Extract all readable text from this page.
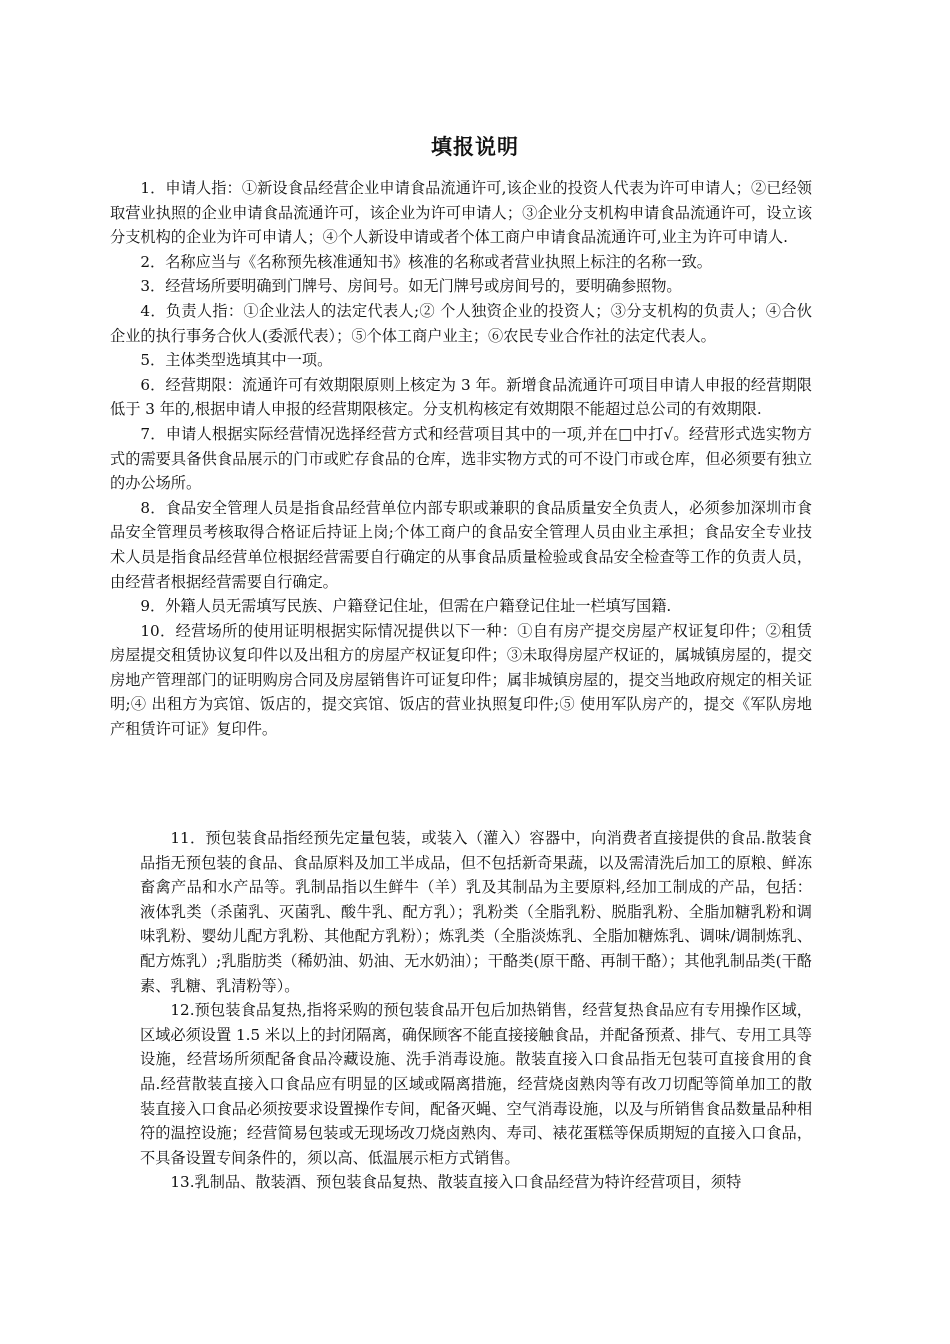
填报说明

1．申请人指：①新设食品经营企业申请食品流通许可,该企业的投资人代表为许可申请人；②已经领取营业执照的企业申请食品流通许可，该企业为许可申请人；③企业分支机构申请食品流通许可，设立该分支机构的企业为许可申请人；④个人新设申请或者个体工商户申请食品流通许可,业主为许可申请人.

2．名称应当与《名称预先核准通知书》核准的名称或者营业执照上标注的名称一致。

3．经营场所要明确到门牌号、房间号。如无门牌号或房间号的，要明确参照物。

4．负责人指：①企业法人的法定代表人;② 个人独资企业的投资人；③分支机构的负责人；④合伙企业的执行事务合伙人(委派代表）；⑤个体工商户业主；⑥农民专业合作社的法定代表人。

5．主体类型选填其中一项。

6．经营期限：流通许可有效期限原则上核定为 3 年。新增食品流通许可项目申请人申报的经营期限低于 3 年的,根据申请人申报的经营期限核定。分支机构核定有效期限不能超过总公司的有效期限.

7．申请人根据实际经营情况选择经营方式和经营项目其中的一项,并在□中打√。经营形式选实物方式的需要具备供食品展示的门市或贮存食品的仓库，选非实物方式的可不设门市或仓库，但必须要有独立的办公场所。

8．食品安全管理人员是指食品经营单位内部专职或兼职的食品质量安全负责人，必须参加深圳市食品安全管理员考核取得合格证后持证上岗;个体工商户的食品安全管理人员由业主承担；食品安全专业技术人员是指食品经营单位根据经营需要自行确定的从事食品质量检验或食品安全检查等工作的负责人员，由经营者根据经营需要自行确定。

9．外籍人员无需填写民族、户籍登记住址，但需在户籍登记住址一栏填写国籍.

10．经营场所的使用证明根据实际情况提供以下一种：①自有房产提交房屋产权证复印件；②租赁房屋提交租赁协议复印件以及出租方的房屋产权证复印件；③未取得房屋产权证的，属城镇房屋的，提交房地产管理部门的证明购房合同及房屋销售许可证复印件；属非城镇房屋的，提交当地政府规定的相关证明;④ 出租方为宾馆、饭店的，提交宾馆、饭店的营业执照复印件;⑤ 使用军队房产的，提交《军队房地产租赁许可证》复印件。

11．预包装食品指经预先定量包装，或装入（灌入）容器中，向消费者直接提供的食品.散装食品指无预包装的食品、食品原料及加工半成品，但不包括新奇果蔬，以及需清洗后加工的原粮、鲜冻畜禽产品和水产品等。乳制品指以生鲜牛（羊）乳及其制品为主要原料,经加工制成的产品，包括：液体乳类（杀菌乳、灭菌乳、酸牛乳、配方乳）；乳粉类（全脂乳粉、脱脂乳粉、全脂加糖乳粉和调味乳粉、婴幼儿配方乳粉、其他配方乳粉）；炼乳类（全脂淡炼乳、全脂加糖炼乳、调味/调制炼乳、配方炼乳）;乳脂肪类（稀奶油、奶油、无水奶油）；干酪类(原干酪、再制干酪）；其他乳制品类(干酪素、乳糖、乳清粉等）。

12.预包装食品复热,指将采购的预包装食品开包后加热销售，经营复热食品应有专用操作区域，区域必须设置 1.5 米以上的封闭隔离，确保顾客不能直接接触食品，并配备预煮、排气、专用工具等设施，经营场所须配备食品冷藏设施、洗手消毒设施。散装直接入口食品指无包装可直接食用的食品.经营散装直接入口食品应有明显的区域或隔离措施，经营烧卤熟肉等有改刀切配等简单加工的散装直接入口食品必须按要求设置操作专间，配备灭蝇、空气消毒设施，以及与所销售食品数量品种相符的温控设施；经营简易包装或无现场改刀烧卤熟肉、寿司、裱花蛋糕等保质期短的直接入口食品，不具备设置专间条件的，须以高、低温展示柜方式销售。

13.乳制品、散装酒、预包装食品复热、散装直接入口食品经营为特许经营项目，须特
